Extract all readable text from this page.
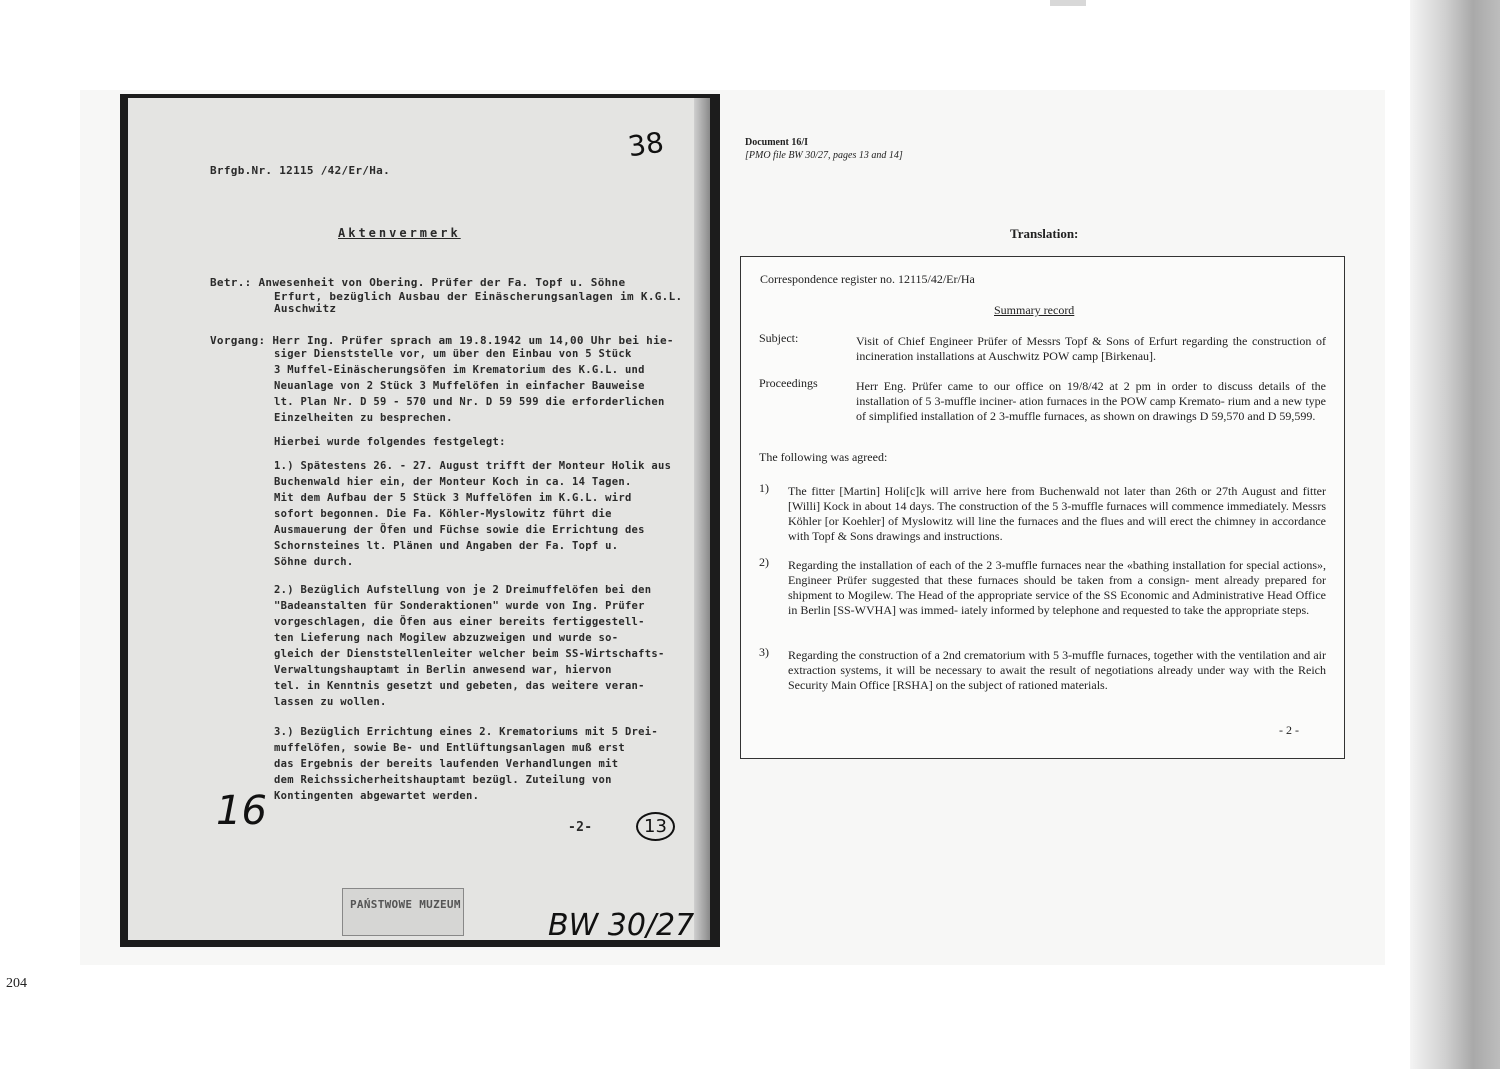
Brfgb.Nr. 12115 /42/Er/Ha.
Aktenvermerk
Betr.: Anwesenheit von Obering. Prüfer der Fa. Topf u. Söhne
Erfurt, bezüglich Ausbau der Einäscherungsanlagen im K.G.L.
Auschwitz
Vorgang: Herr Ing. Prüfer sprach am 19.8.1942 um 14,00 Uhr bei hie-
siger Dienststelle vor, um über den Einbau von 5 Stück
3 Muffel-Einäscherungsöfen im Krematorium des K.G.L. und
Neuanlage von 2 Stück 3 Muffelöfen in einfacher Bauweise
lt. Plan Nr. D 59 - 570 und Nr. D 59 599 die erforderlichen
Einzelheiten zu besprechen.
Hierbei wurde folgendes festgelegt:
1.) Spätestens 26. - 27. August trifft der Monteur Holik aus
Buchenwald hier ein, der Monteur Koch in ca. 14 Tagen.
Mit dem Aufbau der 5 Stück 3 Muffelöfen im K.G.L. wird
sofort begonnen. Die Fa. Köhler-Myslowitz führt die
Ausmauerung der Öfen und Füchse sowie die Errichtung des
Schornsteines lt. Plänen und Angaben der Fa. Topf u.
Söhne durch.
2.) Bezüglich Aufstellung von je 2 Dreimuffelöfen bei den
"Badeanstalten für Sonderaktionen" wurde von Ing. Prüfer
vorgeschlagen, die Öfen aus einer bereits fertiggestell-
ten Lieferung nach Mogilew abzuzweigen und wurde so-
gleich der Dienststellenleiter welcher beim SS-Wirtschafts-
Verwaltungshauptamt in Berlin anwesend war, hiervon
tel. in Kenntnis gesetzt und gebeten, das weitere veran-
lassen zu wollen.
3.) Bezüglich Errichtung eines 2. Krematoriums mit 5 Drei-
muffelöfen, sowie Be- und Entlüftungsanlagen muß erst
das Ergebnis der bereits laufenden Verhandlungen mit
dem Reichssicherheitshauptamt bezügl. Zuteilung von
Kontingenten abgewartet werden.
-2-
PAŃSTWOWE MUZEUM
38
16	13
BW 30/27
Document 16/I
[PMO file BW 30/27, pages 13 and 14]
Translation:
Correspondence register no. 12115/42/Er/Ha
Summary record
Subject:	Visit of Chief Engineer Prüfer of Messrs Topf & Sons of Erfurt regarding the construction of incineration installations at Auschwitz POW camp [Birkenau].
Proceedings	Herr Eng. Prüfer came to our office on 19/8/42 at 2 pm in order to discuss details of the installation of 5 3-muffle inciner- ation furnaces in the POW camp Kremato- rium and a new type of simplified installation of 2 3-muffle furnaces, as shown on drawings D 59,570 and D 59,599.
The following was agreed:
1) The fitter [Martin] Holi[c]k will arrive here from Buchenwald not later than 26th or 27th August and fitter [Willi] Kock in about 14 days. The construction of the 5 3-muffle furnaces will commence immediately. Messrs Köhler [or Koehler] of Myslowitz will line the furnaces and the flues and will erect the chimney in accordance with Topf & Sons drawings and instructions.
2) Regarding the installation of each of the 2 3-muffle furnaces near the «bathing installation for special actions», Engineer Prüfer suggested that these furnaces should be taken from a consign- ment already prepared for shipment to Mogilew. The Head of the appropriate service of the SS Economic and Administrative Head Office in Berlin [SS-WVHA] was immed- iately informed by telephone and requested to take the appropriate steps.
3) Regarding the construction of a 2nd crematorium with 5 3-muffle furnaces, together with the ventilation and air extraction systems, it will be necessary to await the result of negotiations already under way with the Reich Security Main Office [RSHA] on the subject of rationed materials.
- 2 -
204
